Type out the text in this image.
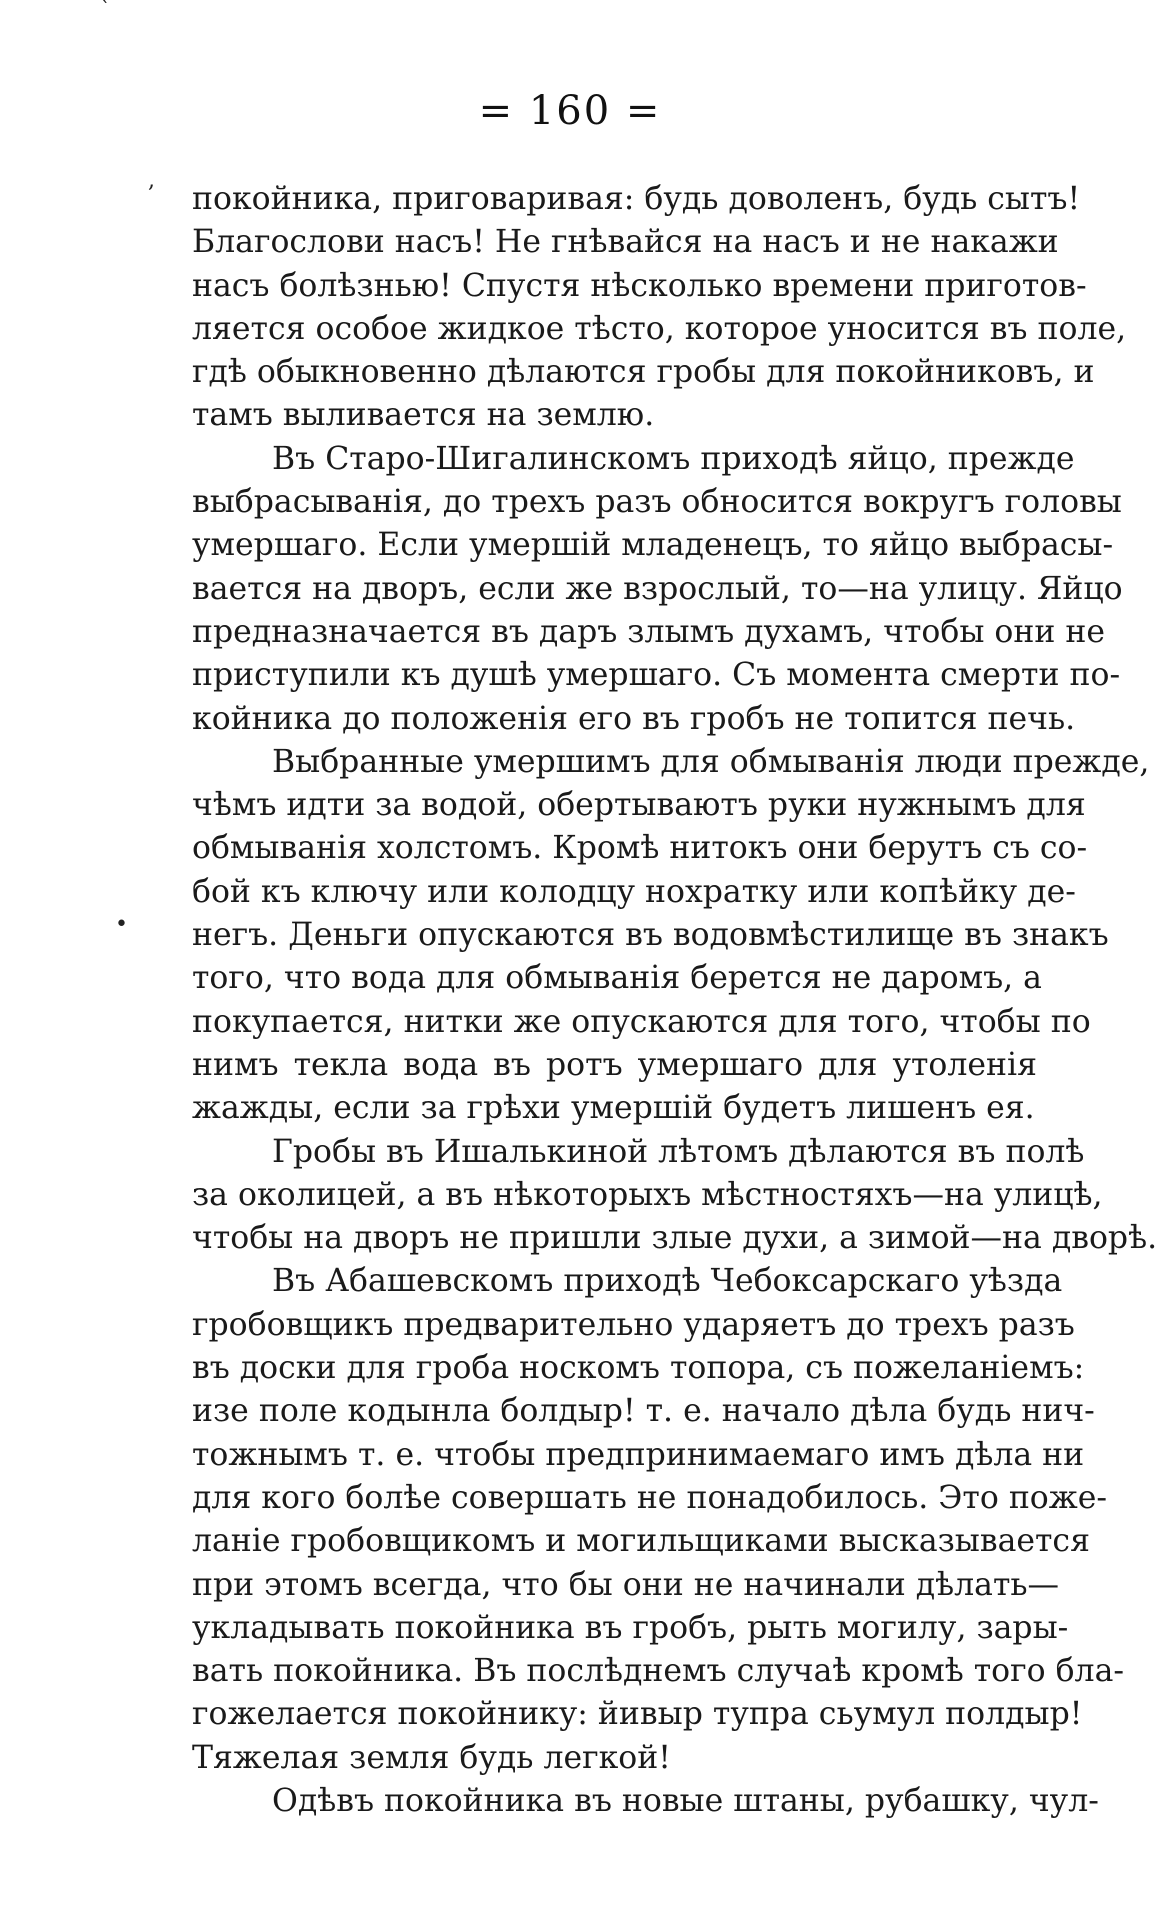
= 160 =
покойника, приговаривая: будь доволенъ, будь сытъ!
Благослови насъ! Не гнѣвайся на насъ и не накажи
насъ болѣзнью! Спустя нѣсколько времени приготов-
ляется особое жидкое тѣсто, которое уносится въ поле,
гдѣ обыкновенно дѣлаются гробы для покойниковъ, и
тамъ выливается на землю.
Въ Старо-Шигалинскомъ приходѣ яйцо, прежде
выбрасыванія, до трехъ разъ обносится вокругъ головы
умершаго. Если умершій младенецъ, то яйцо выбрасы-
вается на дворъ, если же взрослый, то—на улицу. Яйцо
предназначается въ даръ злымъ духамъ, чтобы они не
приступили къ душѣ умершаго. Съ момента смерти по-
койника до положенія его въ гробъ не топится печь.
Выбранные умершимъ для обмыванія люди прежде,
чѣмъ идти за водой, обертываютъ руки нужнымъ для
обмыванія холстомъ. Кромѣ нитокъ они берутъ съ со-
бой къ ключу или колодцу нохратку или копѣйку де-
негъ. Деньги опускаются въ водовмѣстилище въ знакъ
того, что вода для обмыванія берется не даромъ, а
покупается, нитки же опускаются для того, чтобы по
нимъ текла вода въ ротъ умершаго для утоленія
жажды, если за грѣхи умершій будетъ лишенъ ея.
Гробы въ Ишалькиной лѣтомъ дѣлаются въ полѣ
за околицей, а въ нѣкоторыхъ мѣстностяхъ—на улицѣ,
чтобы на дворъ не пришли злые духи, а зимой—на дворѣ.
Въ Абашевскомъ приходѣ Чебоксарскаго уѣзда
гробовщикъ предварительно ударяетъ до трехъ разъ
въ доски для гроба носкомъ топора, съ пожеланіемъ:
изе поле кодынла болдыр! т. е. начало дѣла будь нич-
тожнымъ т. е. чтобы предпринимаемаго имъ дѣла ни
для кого болѣе совершать не понадобилось. Это поже-
ланіе гробовщикомъ и могильщиками высказывается
при этомъ всегда, что бы они не начинали дѣлать—
укладывать покойника въ гробъ, рыть могилу, зары-
вать покойника. Въ послѣднемъ случаѣ кромѣ того бла-
гожелается покойнику: йивыр тупра сьумул полдыр!
Тяжелая земля будь легкой!
Одѣвъ покойника въ новые штаны, рубашку, чул-
,
•
`
